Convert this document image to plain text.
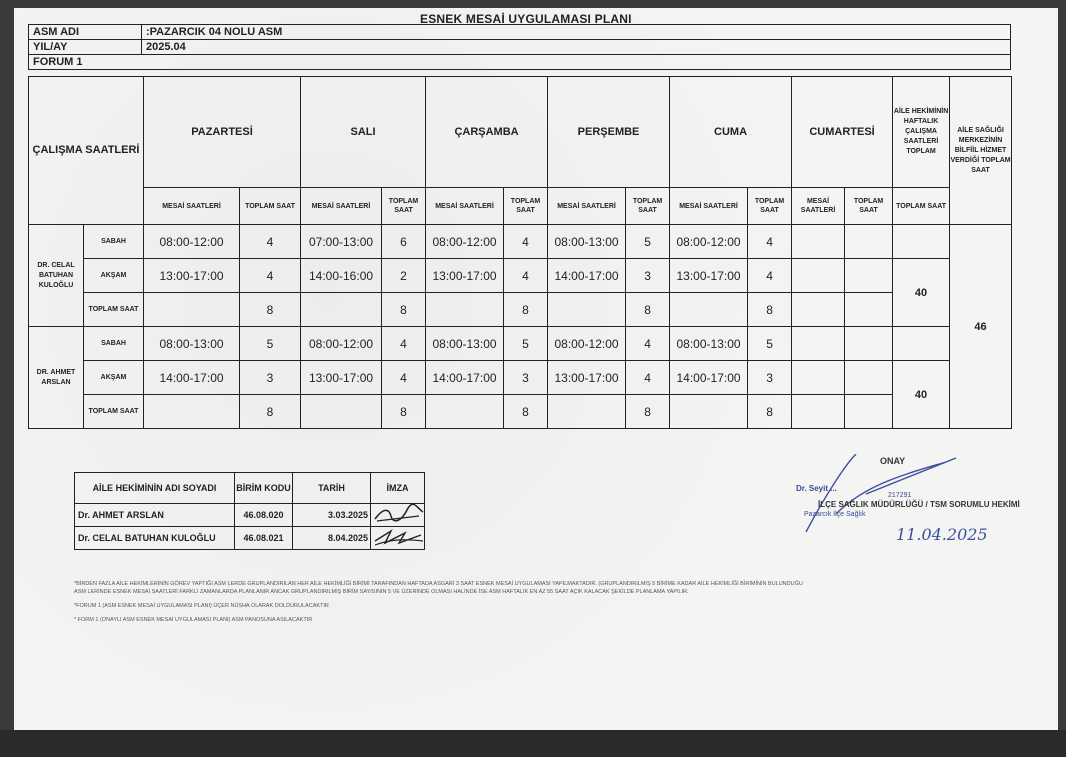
ESNEK MESAİ UYGULAMASI PLANI
ASM ADI	:PAZARCIK 04 NOLU ASM
YIL/AY	2025.04
FORUM 1	
ÇALIŞMA SAATLERİ		PAZARTESİ		SALI		ÇARŞAMBA		PERŞEMBE		CUMA		CUMARTESİ		AİLE HEKİMİNİN HAFTALIK ÇALIŞMA SAATLERİ TOPLAM	AİLE SAĞLIĞI MERKEZİNİN BİLFİİL HİZMET VERDİĞİ TOPLAM SAAT
		MESAİ SAATLERİ	TOPLAM SAAT	MESAİ SAATLERİ	TOPLAM SAAT	MESAİ SAATLERİ	TOPLAM SAAT	MESAİ SAATLERİ	TOPLAM SAAT	MESAİ SAATLERİ	TOPLAM SAAT	MESAİ SAATLERİ	TOPLAM SAAT	TOPLAM SAAT	
DR. CELAL BATUHAN KULOĞLU	SABAH	08:00-12:00	4	07:00-13:00	6	08:00-12:00	4	08:00-13:00	5	08:00-12:00	4				46
	AKŞAM	13:00-17:00	4	14:00-16:00	2	13:00-17:00	4	14:00-17:00	3	13:00-17:00	4			40	
	TOPLAM SAAT		8		8		8		8		8				
DR. AHMET ARSLAN	SABAH	08:00-13:00	5	08:00-12:00	4	08:00-13:00	5	08:00-12:00	4	08:00-13:00	5				
	AKŞAM	14:00-17:00	3	13:00-17:00	4	14:00-17:00	3	13:00-17:00	4	14:00-17:00	3			40	
	TOPLAM SAAT		8		8		8		8		8				
AİLE HEKİMİNİN ADI SOYADI	BİRİM KODU	TARİH	İMZA
Dr. AHMET ARSLAN	46.08.020	3.03.2025	
Dr. CELAL BATUHAN KULOĞLU	46.08.021	8.04.2025	

*BİRDEN FAZLA AİLE HEKİMLERİNİN GÖREV YAPTIĞI ASM LERDE GRUPLANDIRILAN HER AİLE HEKİMLİĞİ BİRİMİ TARAFINDAN HAFTADA ASGARİ 3 SAAT ESNEK MESAİ UYGULAMASI YAPILMAKTADIR. (GRUPLANDIRILMIŞ 5 BİRİME KADAR AİLE HEKİMLİĞİ BİRİMİNİN BULUNDUĞU ASM LERİNDE ESNEK MESAİ SAATLERİ FARKLI ZAMANLARDA PLANLANIR ANCAK GRUPLANDIRILMIŞ BİRİM SAYISININ 5 VE ÜZERİNDE OLMASI HALİNDE İSE ASM HAFTALIK EN AZ 55 SAAT AÇIK KALACAK ŞEKİLDE PLANLAMA YAPILIR.

*FORUM 1 (ASM ESNEK MESAİ UYGULAMASI PLANI) ÜÇER NÜSHA OLARAK DOLDURULACAKTIR

* FORM 1 (ONAYLI ASM ESNEK MESAİ UYGULAMASI PLANI) ASM PANOSUNA ASILACAKTIR

ONAY
Dr. Seyit ...
217291
İLÇE SAĞLIK MÜDÜRLÜĞÜ / TSM SORUMLU HEKİMİ
Pazarcık İlçe Sağlık
11.04.2025
